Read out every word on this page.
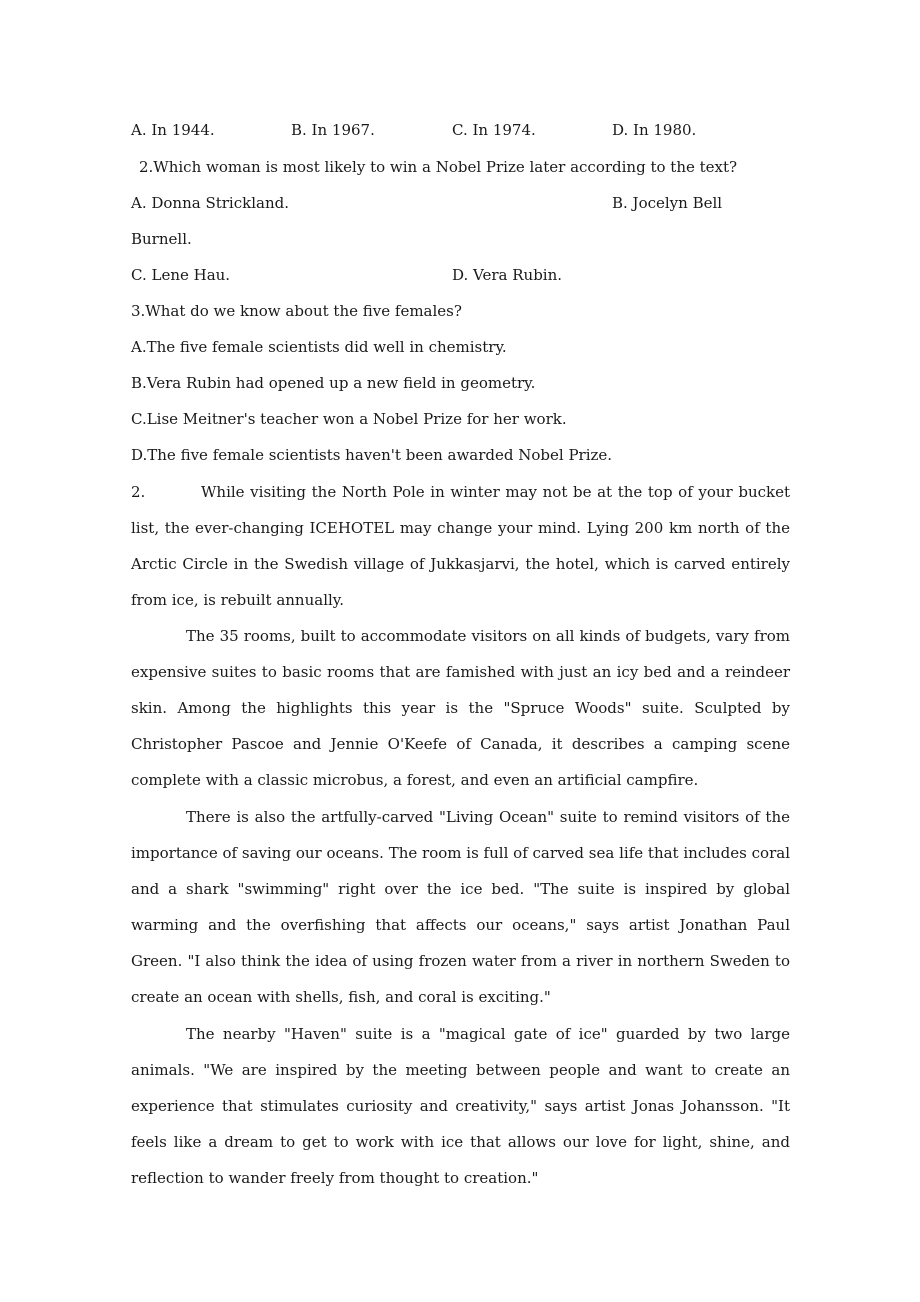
A. In 1944.	B. In 1967.	C. In 1974.	D. In 1980.
2.Which woman is most likely to win a Nobel Prize later according to the text?
A. Donna Strickland.	B. Jocelyn Bell
Burnell.
C. Lene Hau.	D. Vera Rubin.
3.What do we know about the five females?
A.The five female scientists did well in chemistry.
B.Vera Rubin had opened up a new field in geometry.
C.Lise Meitner's teacher won a Nobel Prize for her work.
D.The five female scientists haven't been awarded Nobel Prize.
2.	While visiting the North Pole in winter may not be at the top of your bucket list, the ever-changing ICEHOTEL may change your mind. Lying 200 km north of the Arctic Circle in the Swedish village of Jukkasjarvi, the hotel, which is carved entirely from ice, is rebuilt annually.

The 35 rooms, built to accommodate visitors on all kinds of budgets, vary from expensive suites to basic rooms that are famished with just an icy bed and a reindeer skin. Among the highlights this year is the "Spruce Woods" suite. Sculpted by Christopher Pascoe and Jennie O'Keefe of Canada, it describes a camping scene complete with a classic microbus, a forest, and even an artificial campfire.

There is also the artfully-carved "Living Ocean" suite to remind visitors of the importance of saving our oceans. The room is full of carved sea life that includes coral and a shark "swimming" right over the ice bed. "The suite is inspired by global warming and the overfishing that affects our oceans," says artist Jonathan Paul Green. "I also think the idea of using frozen water from a river in northern Sweden to create an ocean with shells, fish, and coral is exciting."

The nearby "Haven" suite is a "magical gate of ice" guarded by two large animals. "We are inspired by the meeting between people and want to create an experience that stimulates curiosity and creativity," says artist Jonas Johansson. "It feels like a dream to get to work with ice that allows our love for light, shine, and reflection to wander freely from thought to creation."
